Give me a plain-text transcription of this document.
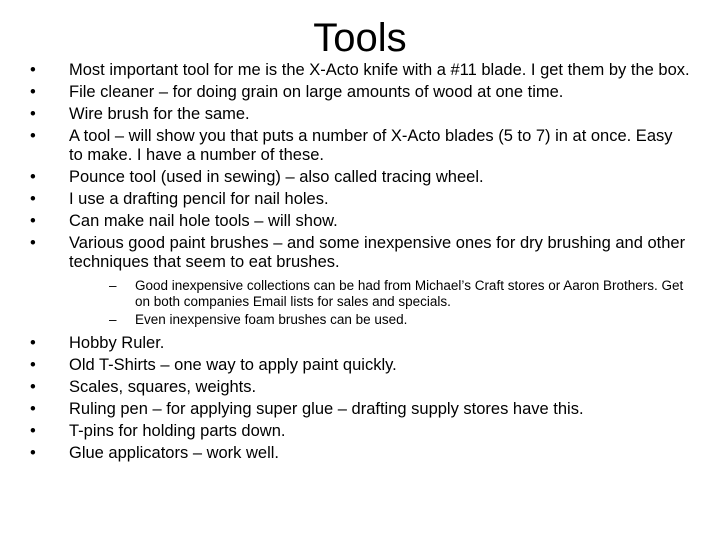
Tools
•	Most important tool for me is the X-Acto knife with a #11 blade. I get them by the box.
•	File cleaner – for doing grain on large amounts of wood at one time.
•	Wire brush for the same.
•	A tool – will show you that puts a number of X-Acto blades (5 to 7) in at once. Easy to make. I have a number of these.
•	Pounce tool (used in sewing) – also called tracing wheel.
•	I use a drafting pencil for nail holes.
•	Can make nail hole tools – will show.
•	Various good paint brushes – and some inexpensive ones for dry brushing and other techniques that seem to eat brushes.
– Good inexpensive collections can be had from Michael’s Craft stores or Aaron Brothers. Get on both companies Email lists for sales and specials.
– Even inexpensive foam brushes can be used.
•	Hobby Ruler.
•	Old T-Shirts – one way to apply paint quickly.
•	Scales, squares, weights.
•	Ruling pen – for applying super glue – drafting supply stores have this.
•	T-pins for holding parts down.
•	Glue applicators – work well.
